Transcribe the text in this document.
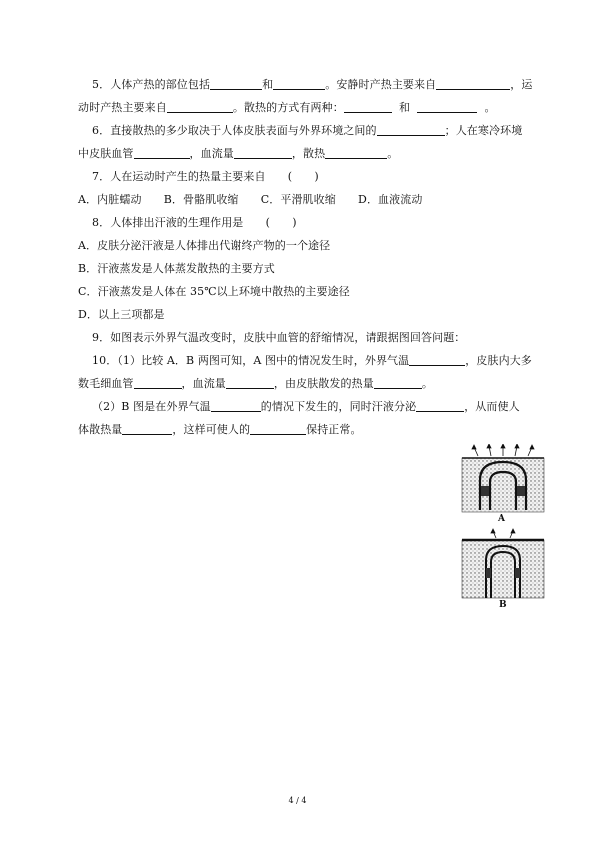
5．人体产热的部位包括	和	。安静时产热主要来自	，运

动时产热主要来自	。散热的方式有两种：	和	。

6．直接散热的多少取决于人体皮肤表面与外界环境之间的	；人在寒冷环境

中皮肤血管	，血流量	，散热	。

7．人在运动时产生的热量主要来自　　(　　)

A．内脏蠕动　　B．骨骼肌收缩　　C．平滑肌收缩　　D．血液流动

8．人体排出汗液的生理作用是　　(　　)

A．皮肤分泌汗液是人体排出代谢终产物的一个途径

B．汗液蒸发是人体蒸发散热的主要方式

C．汗液蒸发是人体在 35℃以上环境中散热的主要途径

D．以上三项都是

9．如图表示外界气温改变时，皮肤中血管的舒缩情况，请跟据图回答问题：

10．（1）比较 A．B 两图可知，A 图中的情况发生时，外界气温	，皮肤内大多

数毛细血管	，血流量	，由皮肤散发的热量	。

（2）B 图是在外界气温	的情况下发生的，同时汗液分泌	，从而使人

体散热量	，这样可使人的	保持正常。

A
B
4 / 4
